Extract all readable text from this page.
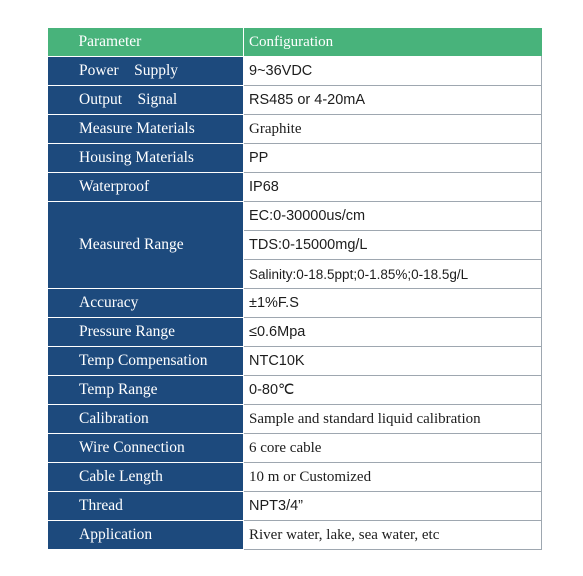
Parameter	Configuration
Power    Supply	9~36VDC
Output    Signal	RS485 or 4-20mA
Measure Materials	Graphite
Housing Materials	PP
Waterproof	IP68
Measured Range	EC:0-30000us/cm
	TDS:0-15000mg/L
	Salinity:0-18.5ppt;0-1.85%;0-18.5g/L
Accuracy	±1%F.S
Pressure Range	≤0.6Mpa
Temp Compensation	NTC10K
Temp Range	0-80℃
Calibration	Sample and standard liquid calibration
Wire Connection	6 core cable
Cable Length	10 m or Customized
Thread	NPT3/4”
Application	River water, lake, sea water, etc
